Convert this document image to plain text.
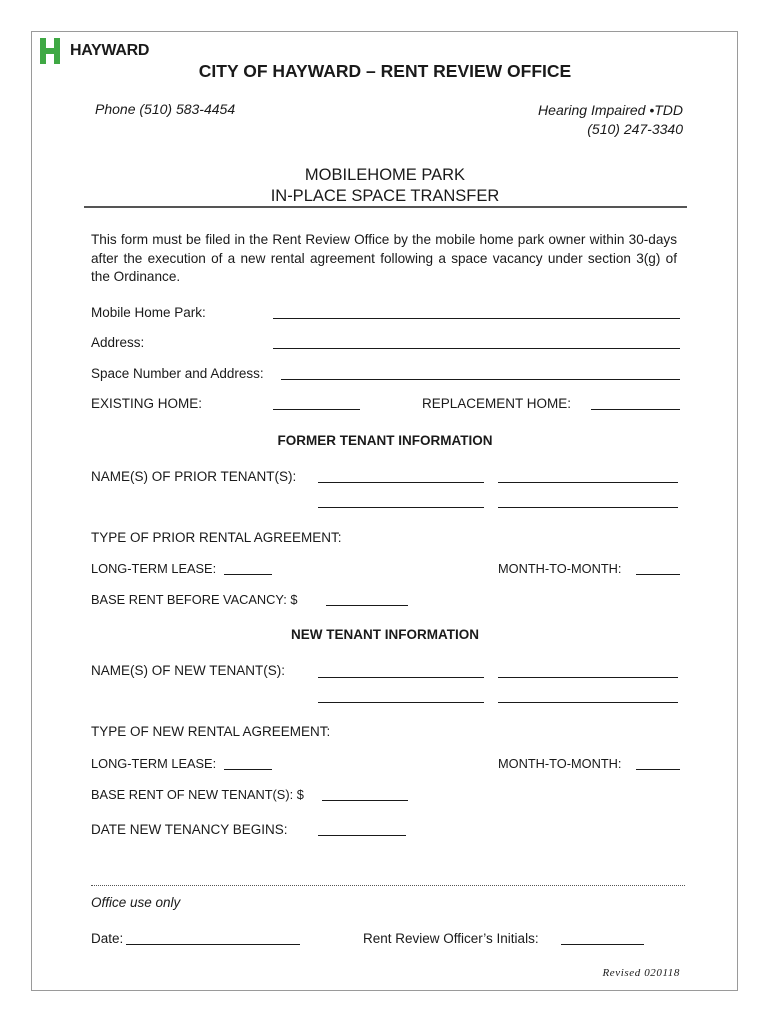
HAYWARD
CITY OF HAYWARD – RENT REVIEW OFFICE
Phone (510) 583-4454	Hearing Impaired •TDD
(510) 247-3340
MOBILEHOME PARK
IN-PLACE SPACE TRANSFER
This form must be filed in the Rent Review Office by the mobile home park owner within 30-days after the execution of a new rental agreement following a space vacancy under section 3(g) of the Ordinance.
Mobile Home Park:
Address:
Space Number and Address:
EXISTING HOME:	REPLACEMENT HOME:
FORMER TENANT INFORMATION
NAME(S) OF PRIOR TENANT(S):
TYPE OF PRIOR RENTAL AGREEMENT:
LONG-TERM LEASE:	MONTH-TO-MONTH:
BASE RENT BEFORE VACANCY: $
NEW TENANT INFORMATION
NAME(S) OF NEW TENANT(S):
TYPE OF NEW RENTAL AGREEMENT:
LONG-TERM LEASE:	MONTH-TO-MONTH:
BASE RENT OF NEW TENANT(S): $
DATE NEW TENANCY BEGINS:
Office use only
Date:	Rent Review Officer’s Initials:
Revised 020118
